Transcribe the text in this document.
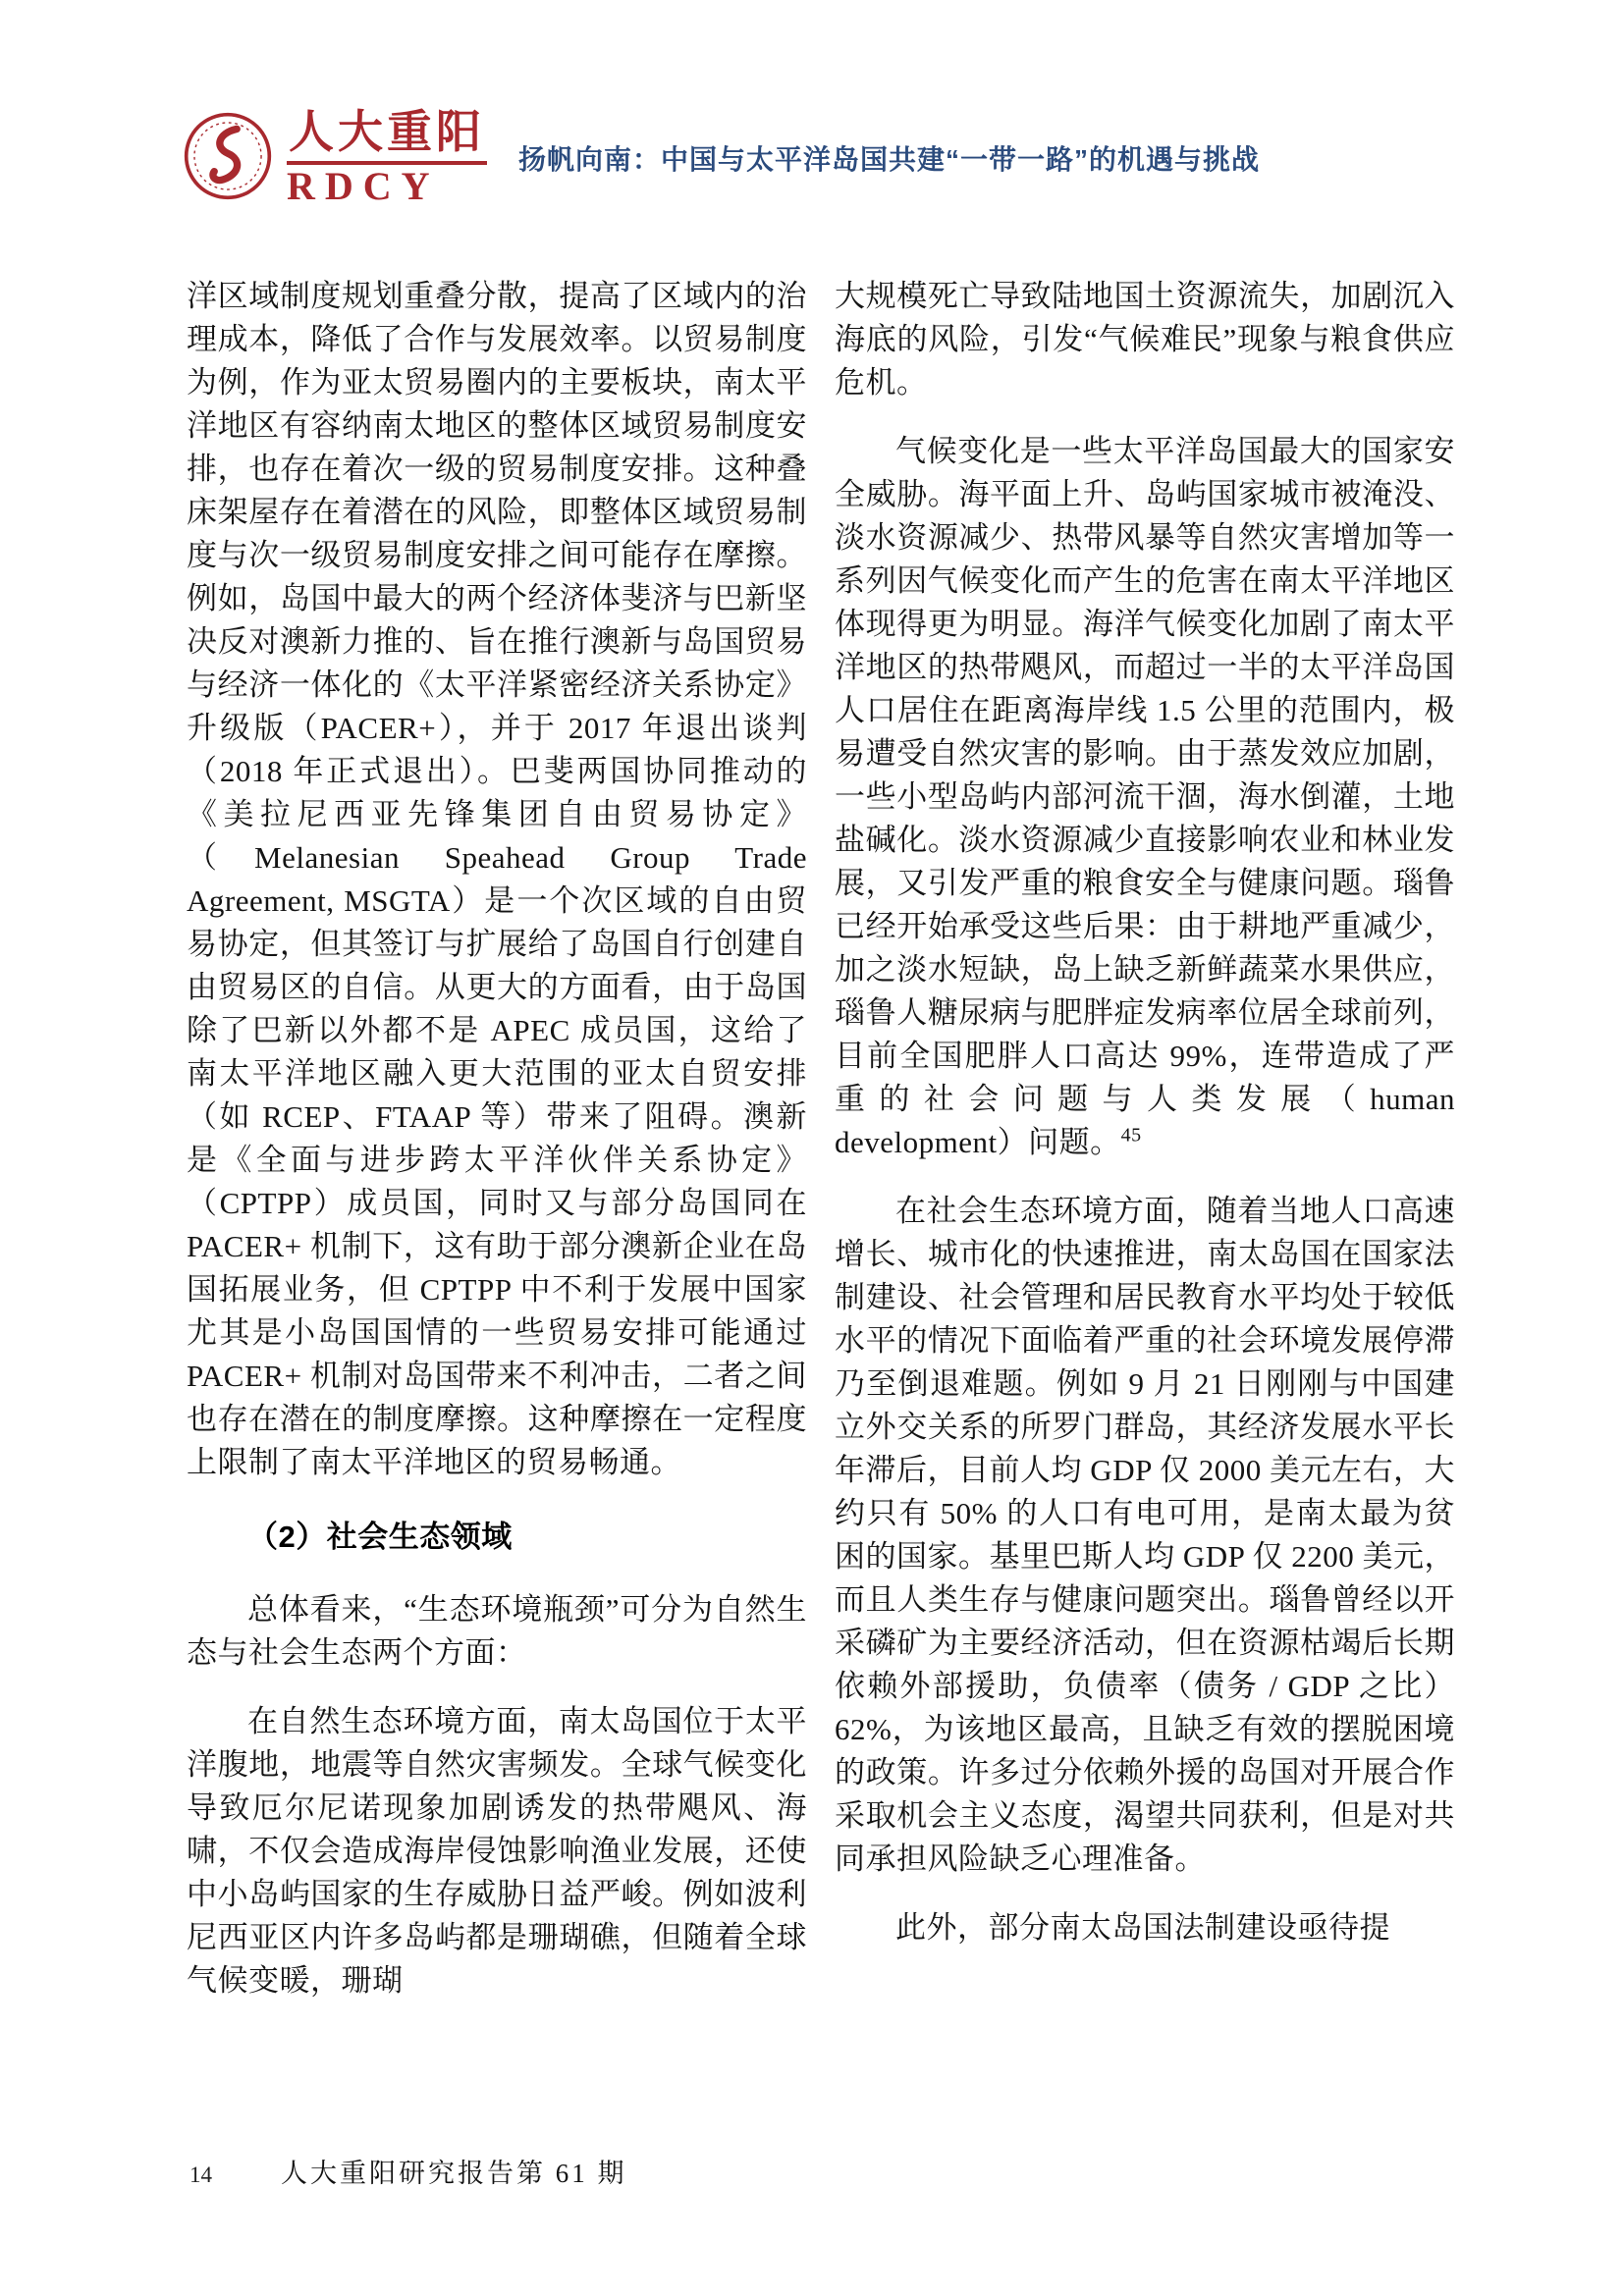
人大重阳
RDCY
扬帆向南：中国与太平洋岛国共建“一带一路”的机遇与挑战

洋区域制度规划重叠分散，提高了区域内的治理成本，降低了合作与发展效率。以贸易制度为例，作为亚太贸易圈内的主要板块，南太平洋地区有容纳南太地区的整体区域贸易制度安排，也存在着次一级的贸易制度安排。这种叠床架屋存在着潜在的风险，即整体区域贸易制度与次一级贸易制度安排之间可能存在摩擦。例如，岛国中最大的两个经济体斐济与巴新坚决反对澳新力推的、旨在推行澳新与岛国贸易与经济一体化的《太平洋紧密经济关系协定》升级版（PACER+），并于 2017 年退出谈判（2018 年正式退出）。巴斐两国协同推动的《美拉尼西亚先锋集团自由贸易协定》（Melanesian Speahead Group Trade Agreement, MSGTA）是一个次区域的自由贸易协定，但其签订与扩展给了岛国自行创建自由贸易区的自信。从更大的方面看，由于岛国除了巴新以外都不是 APEC 成员国，这给了南太平洋地区融入更大范围的亚太自贸安排（如 RCEP、FTAAP 等）带来了阻碍。澳新是《全面与进步跨太平洋伙伴关系协定》（CPTPP）成员国，同时又与部分岛国同在 PACER+ 机制下，这有助于部分澳新企业在岛国拓展业务，但 CPTPP 中不利于发展中国家尤其是小岛国国情的一些贸易安排可能通过 PACER+ 机制对岛国带来不利冲击，二者之间也存在潜在的制度摩擦。这种摩擦在一定程度上限制了南太平洋地区的贸易畅通。

（2）社会生态领域

总体看来，“生态环境瓶颈”可分为自然生态与社会生态两个方面：

在自然生态环境方面，南太岛国位于太平洋腹地，地震等自然灾害频发。全球气候变化导致厄尔尼诺现象加剧诱发的热带飓风、海啸，不仅会造成海岸侵蚀影响渔业发展，还使中小岛屿国家的生存威胁日益严峻。例如波利尼西亚区内许多岛屿都是珊瑚礁，但随着全球气候变暖，珊瑚

大规模死亡导致陆地国土资源流失，加剧沉入海底的风险，引发“气候难民”现象与粮食供应危机。

气候变化是一些太平洋岛国最大的国家安全威胁。海平面上升、岛屿国家城市被淹没、淡水资源减少、热带风暴等自然灾害增加等一系列因气候变化而产生的危害在南太平洋地区体现得更为明显。海洋气候变化加剧了南太平洋地区的热带飓风，而超过一半的太平洋岛国人口居住在距离海岸线 1.5 公里的范围内，极易遭受自然灾害的影响。由于蒸发效应加剧，一些小型岛屿内部河流干涸，海水倒灌，土地盐碱化。淡水资源减少直接影响农业和林业发展，又引发严重的粮食安全与健康问题。瑙鲁已经开始承受这些后果：由于耕地严重减少，加之淡水短缺，岛上缺乏新鲜蔬菜水果供应，瑙鲁人糖尿病与肥胖症发病率位居全球前列，目前全国肥胖人口高达 99%，连带造成了严重的社会问题与人类发展（human development）问题。$^{45}$

在社会生态环境方面，随着当地人口高速增长、城市化的快速推进，南太岛国在国家法制建设、社会管理和居民教育水平均处于较低水平的情况下面临着严重的社会环境发展停滞乃至倒退难题。例如 9 月 21 日刚刚与中国建立外交关系的所罗门群岛，其经济发展水平长年滞后，目前人均 GDP 仅 2000 美元左右，大约只有 50% 的人口有电可用，是南太最为贫困的国家。基里巴斯人均 GDP 仅 2200 美元，而且人类生存与健康问题突出。瑙鲁曾经以开采磷矿为主要经济活动，但在资源枯竭后长期依赖外部援助，负债率（债务 / GDP 之比）62%，为该地区最高，且缺乏有效的摆脱困境的政策。许多过分依赖外援的岛国对开展合作采取机会主义态度，渴望共同获利，但是对共同承担风险缺乏心理准备。

此外，部分南太岛国法制建设亟待提

14	人大重阳研究报告第 61 期
